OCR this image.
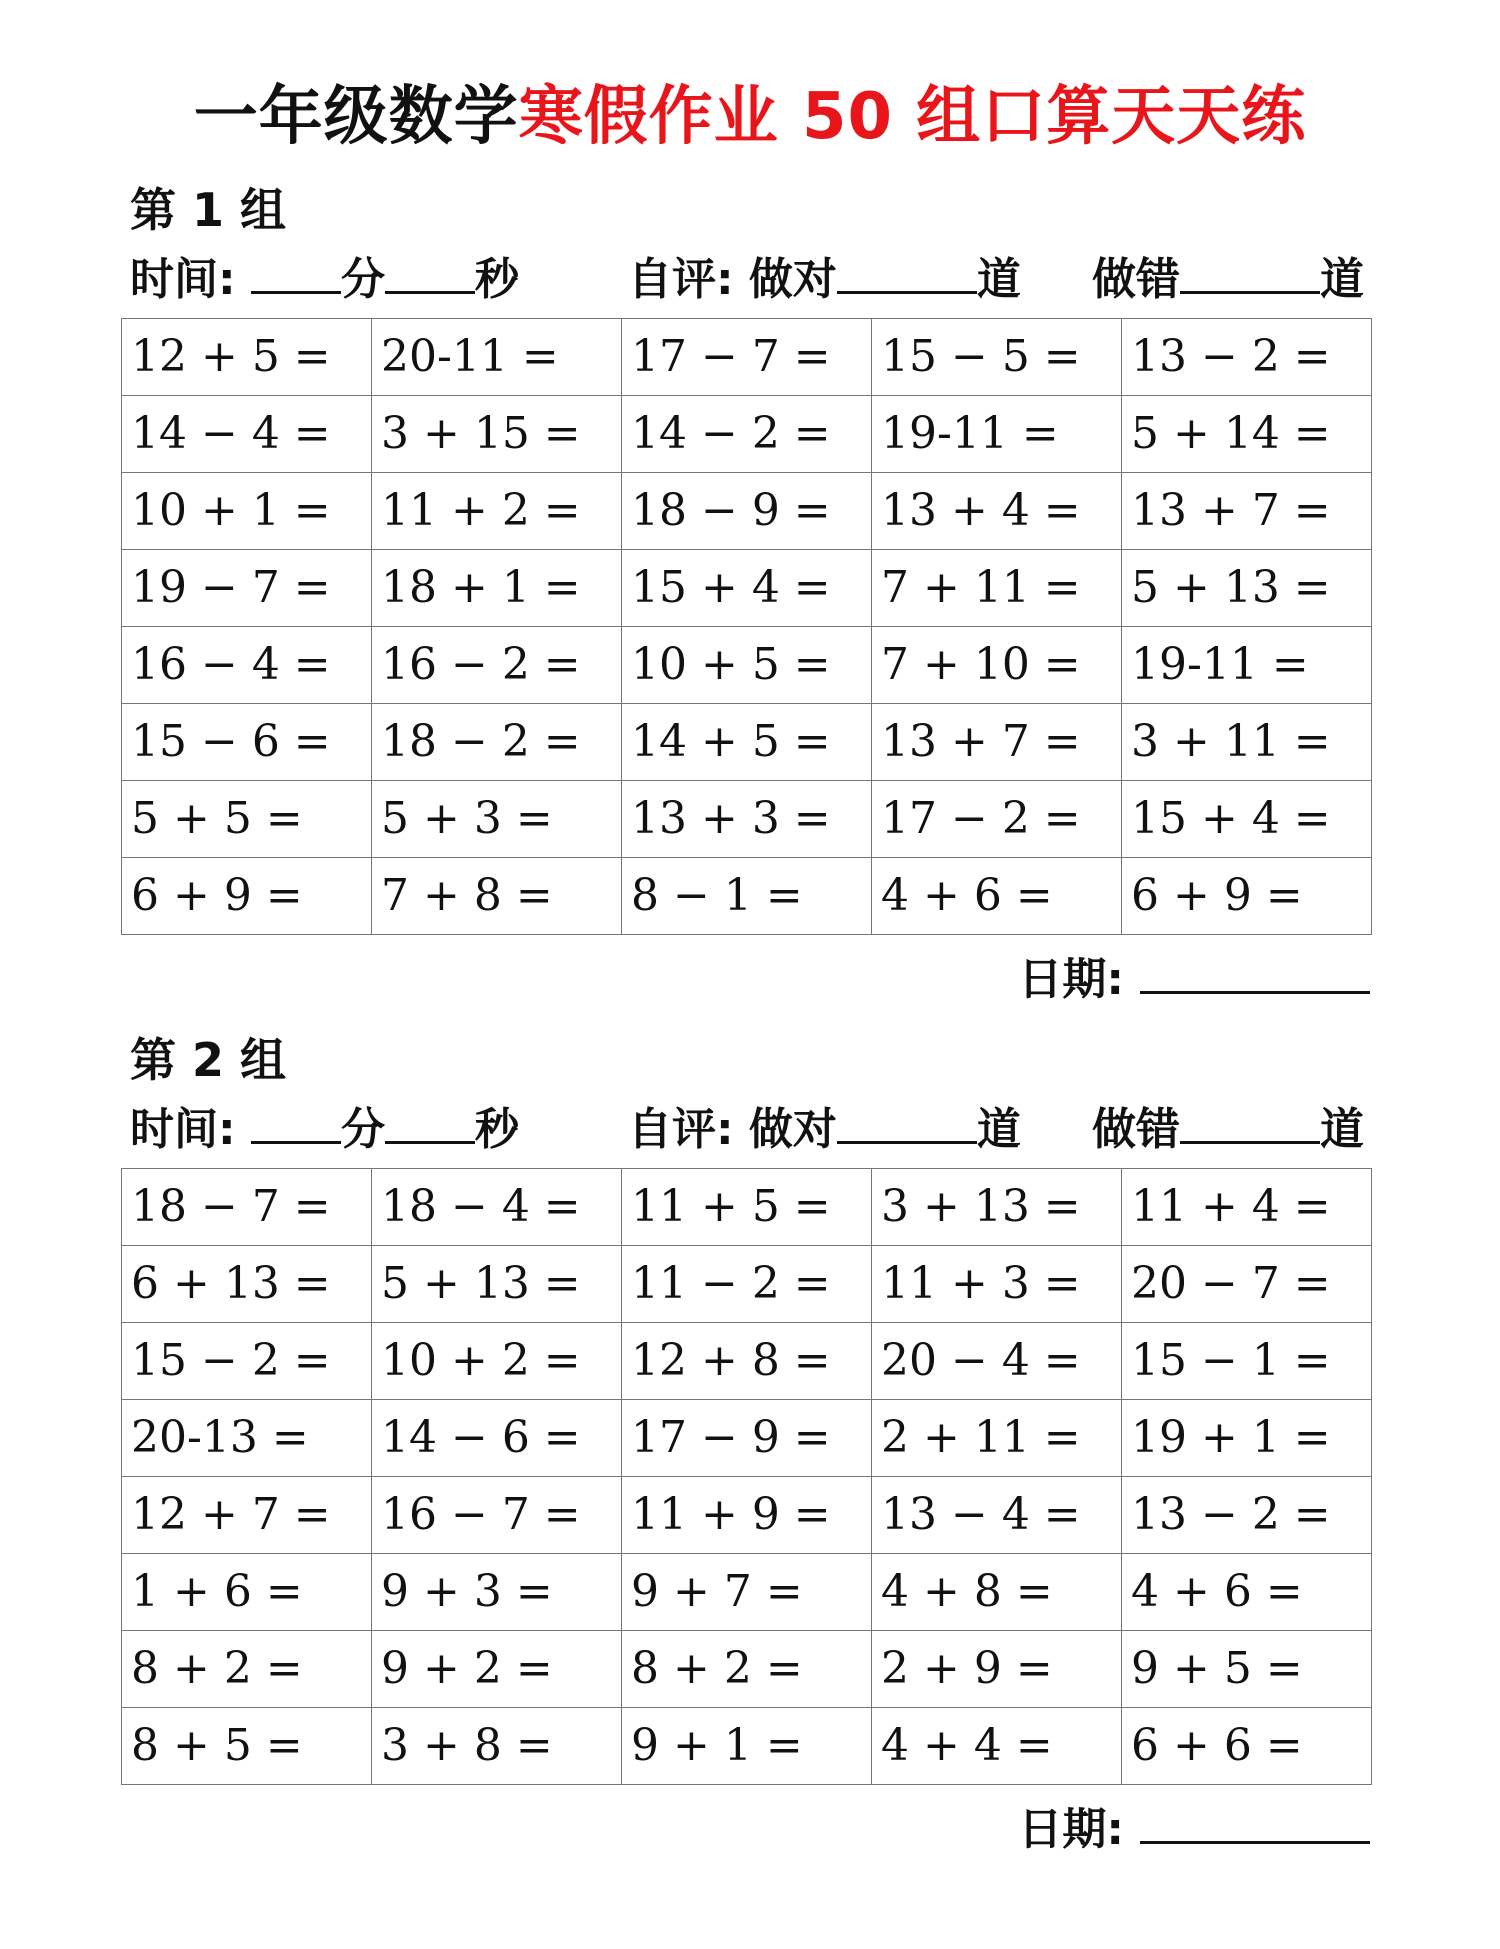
一年级数学寒假作业 50 组口算天天练
第 1 组
时间: 分 秒 自评: 做对	道 做错	道
12 + 5 =	20-11 =	17 − 7 =	15 − 5 =	13 − 2 =
14 − 4 =	3 + 15 =	14 − 2 =	19-11 =	5 + 14 =
10 + 1 =	11 + 2 =	18 − 9 =	13 + 4 =	13 + 7 =
19 − 7 =	18 + 1 =	15 + 4 =	7 + 11 =	5 + 13 =
16 − 4 =	16 − 2 =	10 + 5 =	7 + 10 =	19-11 =
15 − 6 =	18 − 2 =	14 + 5 =	13 + 7 =	3 + 11 =
5 + 5 =	5 + 3 =	13 + 3 =	17 − 2 =	15 + 4 =
6 + 9 =	7 + 8 =	8 − 1 =	4 + 6 =	6 + 9 =
日期:
第 2 组
时间: 分 秒 自评: 做对	道 做错	道
18 − 7 =	18 − 4 =	11 + 5 =	3 + 13 =	11 + 4 =
6 + 13 =	5 + 13 =	11 − 2 =	11 + 3 =	20 − 7 =
15 − 2 =	10 + 2 =	12 + 8 =	20 − 4 =	15 − 1 =
20-13 =	14 − 6 =	17 − 9 =	2 + 11 =	19 + 1 =
12 + 7 =	16 − 7 =	11 + 9 =	13 − 4 =	13 − 2 =
1 + 6 =	9 + 3 =	9 + 7 =	4 + 8 =	4 + 6 =
8 + 2 =	9 + 2 =	8 + 2 =	2 + 9 =	9 + 5 =
8 + 5 =	3 + 8 =	9 + 1 =	4 + 4 =	6 + 6 =
日期:
